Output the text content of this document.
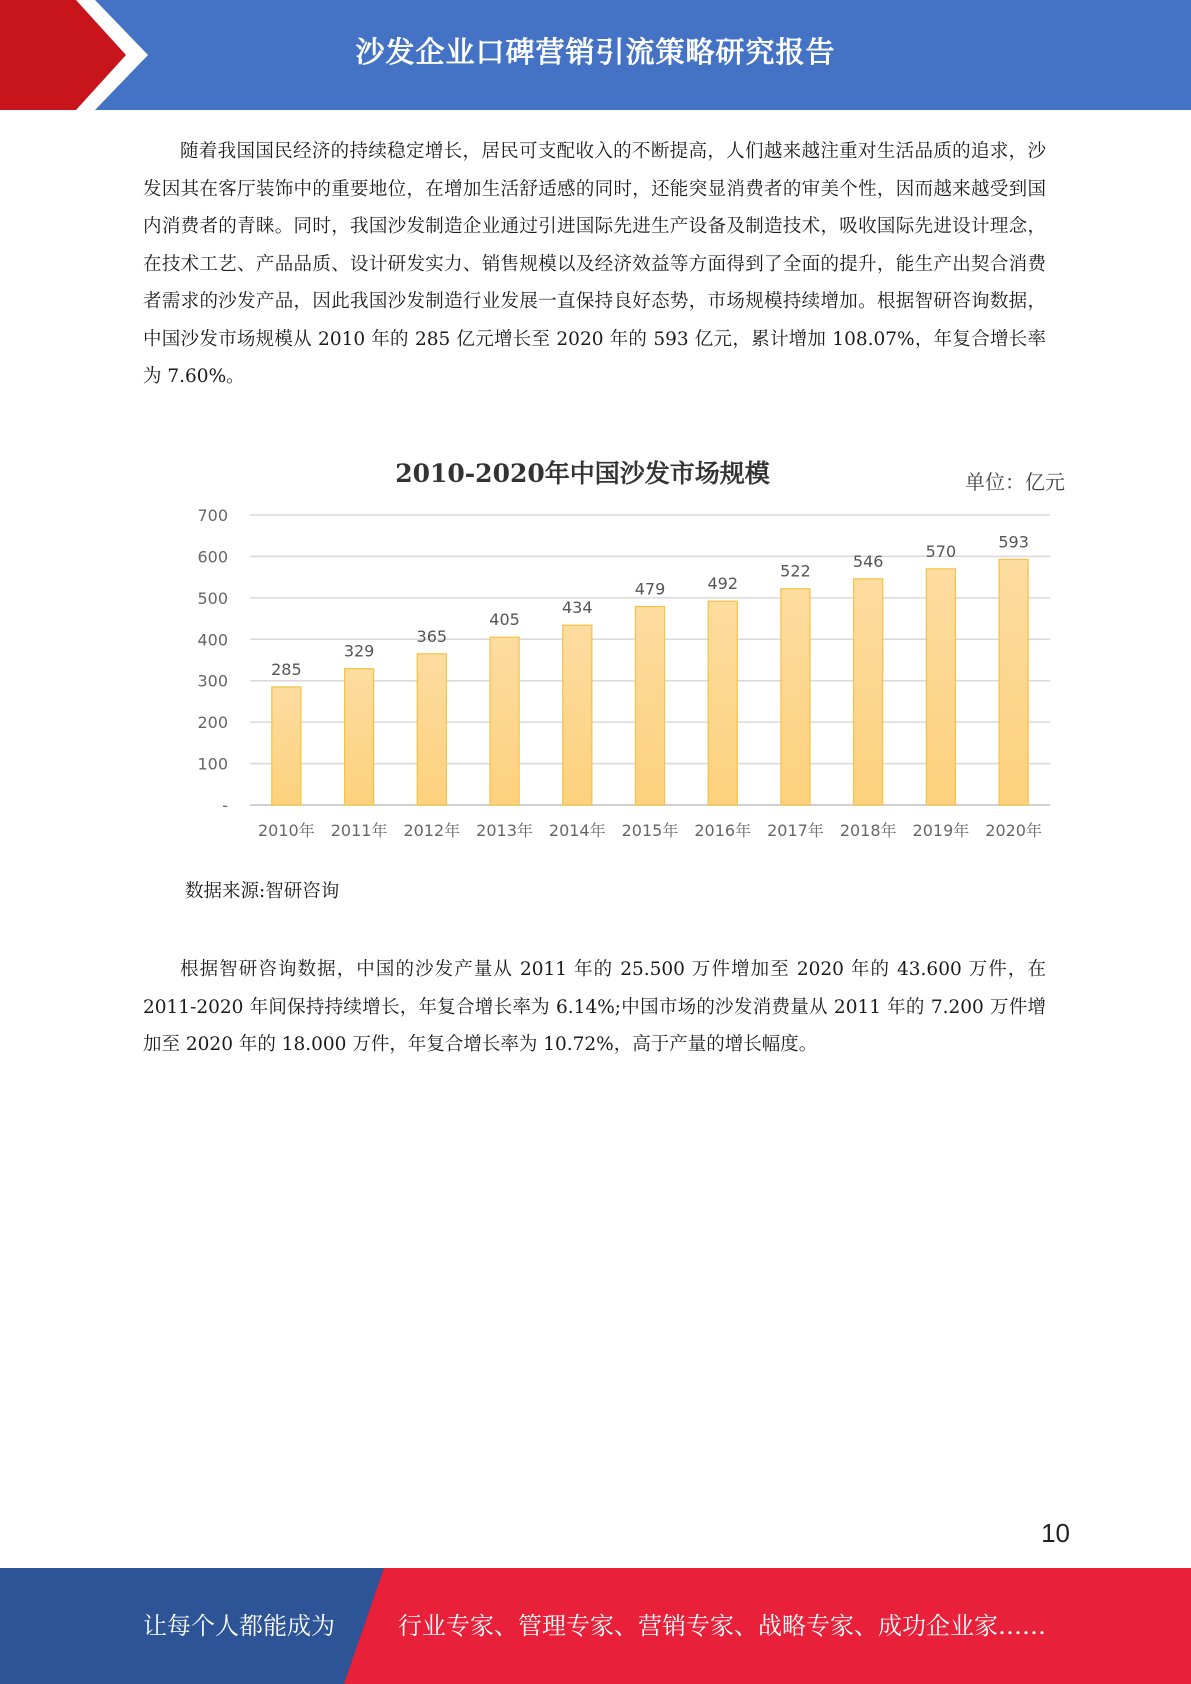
沙发企业口碑营销引流策略研究报告

随着我国国民经济的持续稳定增长，居民可支配收入的不断提高，人们越来越注重对生活品质的追求，沙发因其在客厅装饰中的重要地位，在增加生活舒适感的同时，还能突显消费者的审美个性，因而越来越受到国内消费者的青睐。同时，我国沙发制造企业通过引进国际先进生产设备及制造技术，吸收国际先进设计理念，在技术工艺、产品品质、设计研发实力、销售规模以及经济效益等方面得到了全面的提升，能生产出契合消费者需求的沙发产品，因此我国沙发制造行业发展一直保持良好态势，市场规模持续增加。根据智研咨询数据，中国沙发市场规模从 2010 年的 285 亿元增长至 2020 年的 593 亿元，累计增加 108.07%，年复合增长率为 7.60%。

2010-2020年中国沙发市场规模	单位：亿元
-
100
200
300
400
500
600
700
285
2010年
329
2011年
365
2012年
405
2013年
434
2014年
479
2015年
492
2016年
522
2017年
546
2018年
570
2019年
593
2020年

数据来源:智研咨询

根据智研咨询数据，中国的沙发产量从 2011 年的 25.500 万件增加至 2020 年的 43.600 万件，在 2011-2020 年间保持持续增长，年复合增长率为 6.14%;中国市场的沙发消费量从 2011 年的 7.200 万件增加至 2020 年的 18.000 万件，年复合增长率为 10.72%，高于产量的增长幅度。

10
让每个人都能成为	行业专家、管理专家、营销专家、战略专家、成功企业家……
